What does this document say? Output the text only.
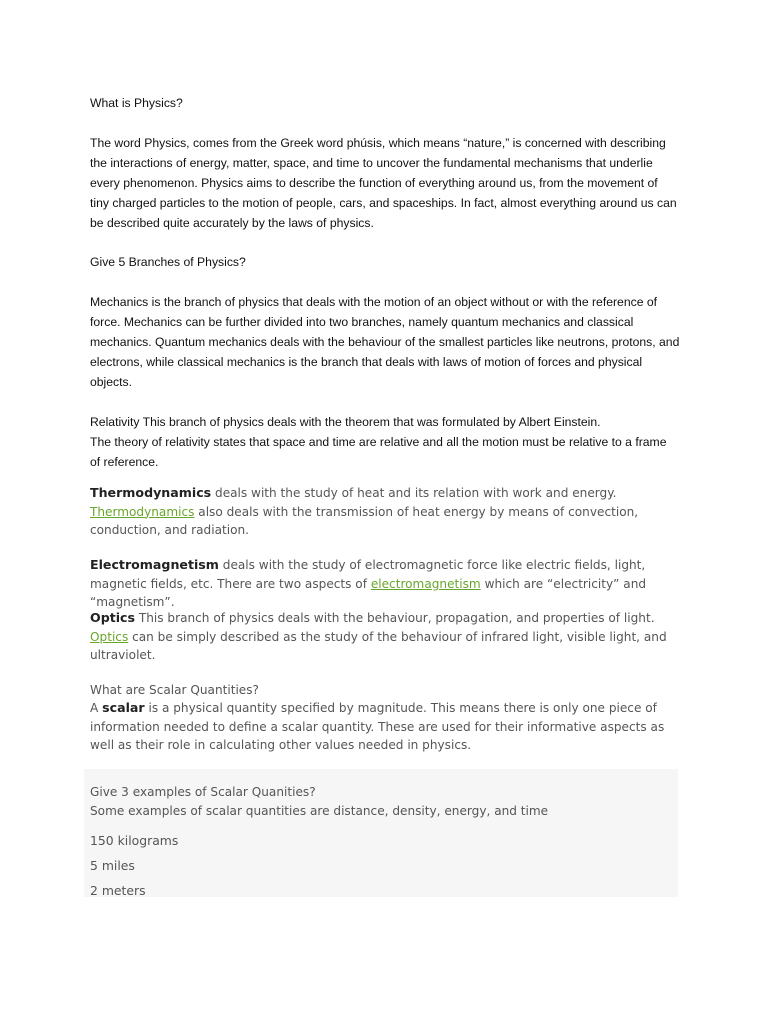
What is Physics?

The word Physics, comes from the Greek word phúsis, which means “nature,” is concerned with describing the interactions of energy, matter, space, and time to uncover the fundamental mechanisms that underlie every phenomenon. Physics aims to describe the function of everything around us, from the movement of tiny charged particles to the motion of people, cars, and spaceships. In fact, almost everything around us can be described quite accurately by the laws of physics.

Give 5 Branches of Physics?

Mechanics is the branch of physics that deals with the motion of an object without or with the reference of force. Mechanics can be further divided into two branches, namely quantum mechanics and classical mechanics. Quantum mechanics deals with the behaviour of the smallest particles like neutrons, protons, and electrons, while classical mechanics is the branch that deals with laws of motion of forces and physical objects.

Relativity This branch of physics deals with the theorem that was formulated by Albert Einstein.
The theory of relativity states that space and time are relative and all the motion must be relative to a frame of reference.

Thermodynamics deals with the study of heat and its relation with work and energy. Thermodynamics also deals with the transmission of heat energy by means of convection, conduction, and radiation.

Electromagnetism deals with the study of electromagnetic force like electric fields, light, magnetic fields, etc. There are two aspects of electromagnetism which are “electricity” and “magnetism”.

Optics This branch of physics deals with the behaviour, propagation, and properties of light. Optics can be simply described as the study of the behaviour of infrared light, visible light, and ultraviolet.

What are Scalar Quantities?

A scalar is a physical quantity specified by magnitude. This means there is only one piece of information needed to define a scalar quantity. These are used for their informative aspects as well as their role in calculating other values needed in physics.

Give 3 examples of Scalar Quanities?

Some examples of scalar quantities are distance, density, energy, and time

150 kilograms

5 miles

2 meters
